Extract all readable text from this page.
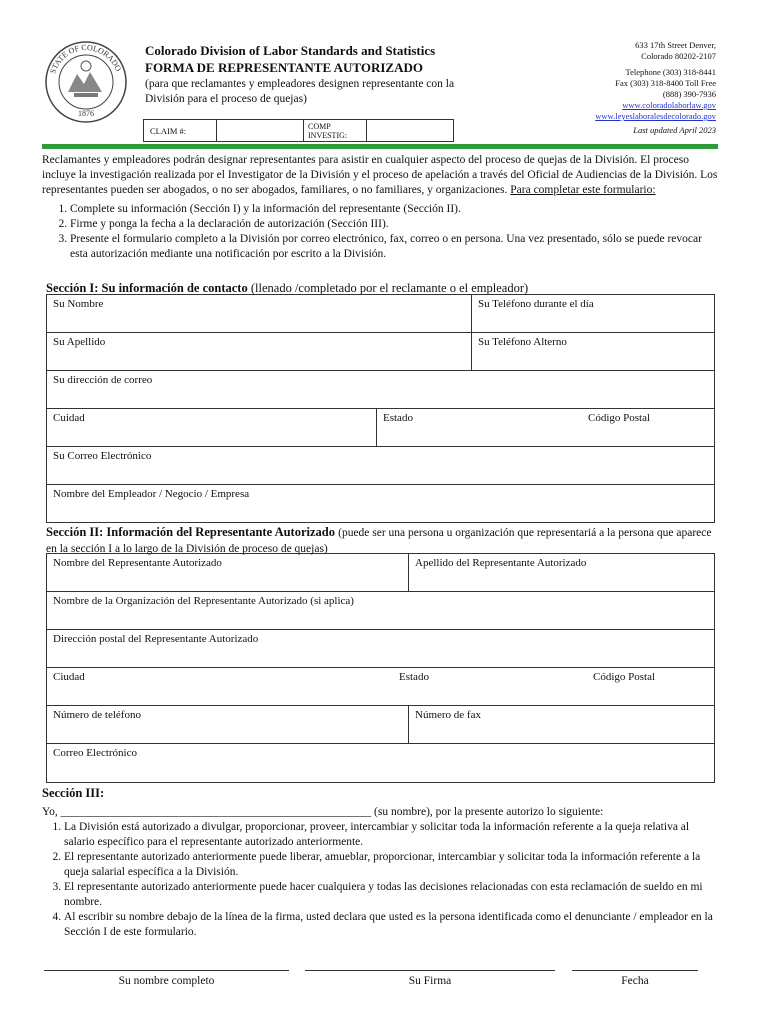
STATE OF COLORADO
1876
Colorado Division of Labor Standards and Statistics
FORMA DE REPRESENTANTE AUTORIZADO
(para que reclamantes y empleadores designen representante con la División para el proceso de quejas)
633 17th Street Denver,
Colorado 80202-2107
Telephone (303) 318-8441
Fax (303) 318-8400 Toll Free
(888) 390-7936
www.coloradolaborlaw.gov
www.leyeslaboralesdecolorado.gov
Last updated April 2023
CLAIM #:	COMP INVESTIG:
Reclamantes y empleadores podrán designar representantes para asistir en cualquier aspecto del proceso de quejas de la División. El proceso incluye la investigación realizada por el Investigator de la División y el proceso de apelación a través del Oficial de Audiencias de la División. Los representantes pueden ser abogados, o no ser abogados, familiares, o no familiares, y organizaciones. Para completar este formulario:
1. Complete su información (Sección I) y la información del representante (Sección II).
2. Firme y ponga la fecha a la declaración de autorización (Sección III).
3. Presente el formulario completo a la División por correo electrónico, fax, correo o en persona. Una vez presentado, sólo se puede revocar esta autorización mediante una notificación por escrito a la División.
Sección I: Su información de contacto (llenado /completado por el reclamante o el empleador)
Su Nombre	Su Teléfono durante el día
Su Apellido	Su Teléfono Alterno
Su dirección de correo
Cuidad	Estado	Código Postal
Su Correo Electrónico
Nombre del Empleador / Negocio / Empresa
Sección II: Información del Representante Autorizado (puede ser una persona u organización que representariá a la persona que aparece en la sección I a lo largo de la División de proceso de quejas)
Nombre del Representante Autorizado	Apellido del Representante Autorizado
Nombre de la Organización del Representante Autorizado (si aplica)
Dirección postal del Representante Autorizado
Ciudad	Estado	Código Postal
Número de teléfono	Número de fax
Correo Electrónico
Sección III:
Yo, ______________________________________________________ (su nombre), por la presente autorizo lo siguiente:
1. La División está autorizado a divulgar, proporcionar, proveer, intercambiar y solicitar toda la información referente a la queja relativa al salario específico para el representante autorizado anteriormente.
2. El representante autorizado anteriormente puede liberar, amueblar, proporcionar, intercambiar y solicitar toda la información referente a la queja salarial específica a la División.
3. El representante autorizado anteriormente puede hacer cualquiera y todas las decisiones relacionadas con esta reclamación de sueldo en mi nombre.
4. Al escribir su nombre debajo de la línea de la firma, usted declara que usted es la persona identificada como el denunciante / empleador en la Sección I de este formulario.
Su nombre completo	Su Firma	Fecha
